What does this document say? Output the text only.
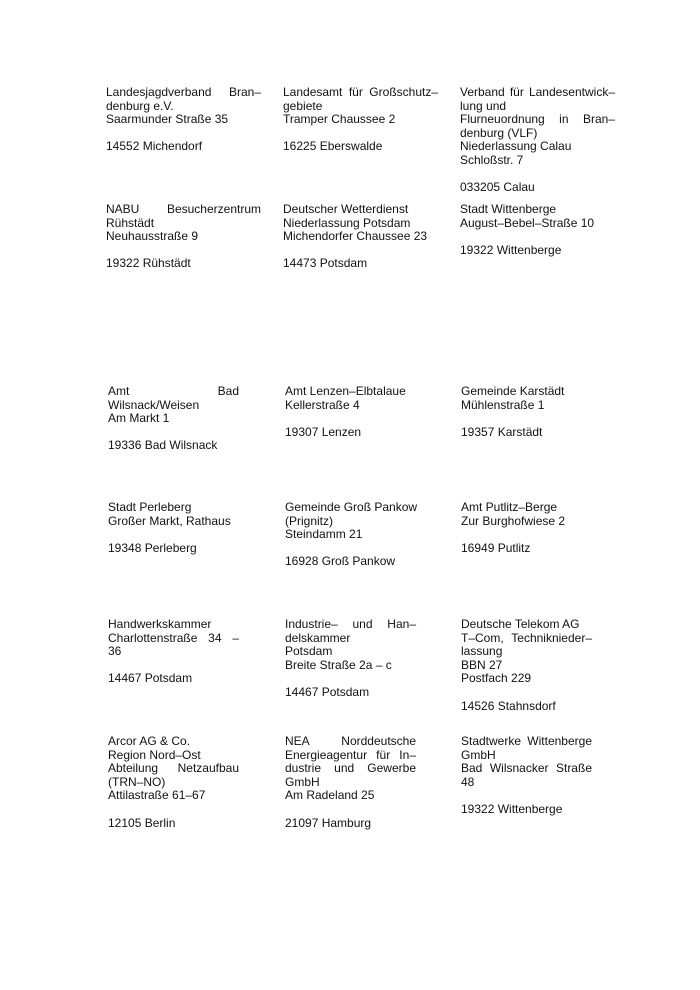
Landesjagdverband Bran–
denburg e.V.
Saarmunder Straße 35
14552 Michendorf
Landesamt für Großschutz–
gebiete
Tramper Chaussee 2
16225 Eberswalde
Verband für Landesentwick–
lung und
Flurneuordnung in Bran–
denburg (VLF)
Niederlassung Calau
Schloßstr. 7
033205 Calau
NABU Besucherzentrum
Rühstädt
Neuhausstraße 9
19322 Rühstädt
Deutscher Wetterdienst
Niederlassung Potsdam
Michendorfer Chaussee 23
14473 Potsdam
Stadt Wittenberge
August–Bebel–Straße 10
19322 Wittenberge
Amt Bad
Wilsnack/Weisen
Am Markt 1
19336 Bad Wilsnack
Amt Lenzen–Elbtalaue
Kellerstraße 4
19307 Lenzen
Gemeinde Karstädt
Mühlenstraße 1
19357 Karstädt
Stadt Perleberg
Großer Markt, Rathaus
19348 Perleberg
Gemeinde Groß Pankow
(Prignitz)
Steindamm 21
16928 Groß Pankow
Amt Putlitz–Berge
Zur Burghofwiese 2
16949 Putlitz
Handwerkskammer
Charlottenstraße 34 –
36
14467 Potsdam
Industrie– und Han–
delskammer
Potsdam
Breite Straße 2a – c
14467 Potsdam
Deutsche Telekom AG
T–Com, Techniknieder–
lassung
BBN 27
Postfach 229
14526 Stahnsdorf
Arcor AG & Co.
Region Nord–Ost
Abteilung Netzaufbau
(TRN–NO)
Attilastraße 61–67
12105 Berlin
NEA Norddeutsche
Energieagentur für In–
dustrie und Gewerbe
GmbH
Am Radeland 25
21097 Hamburg
Stadtwerke Wittenberge
GmbH
Bad Wilsnacker Straße
48
19322 Wittenberge
